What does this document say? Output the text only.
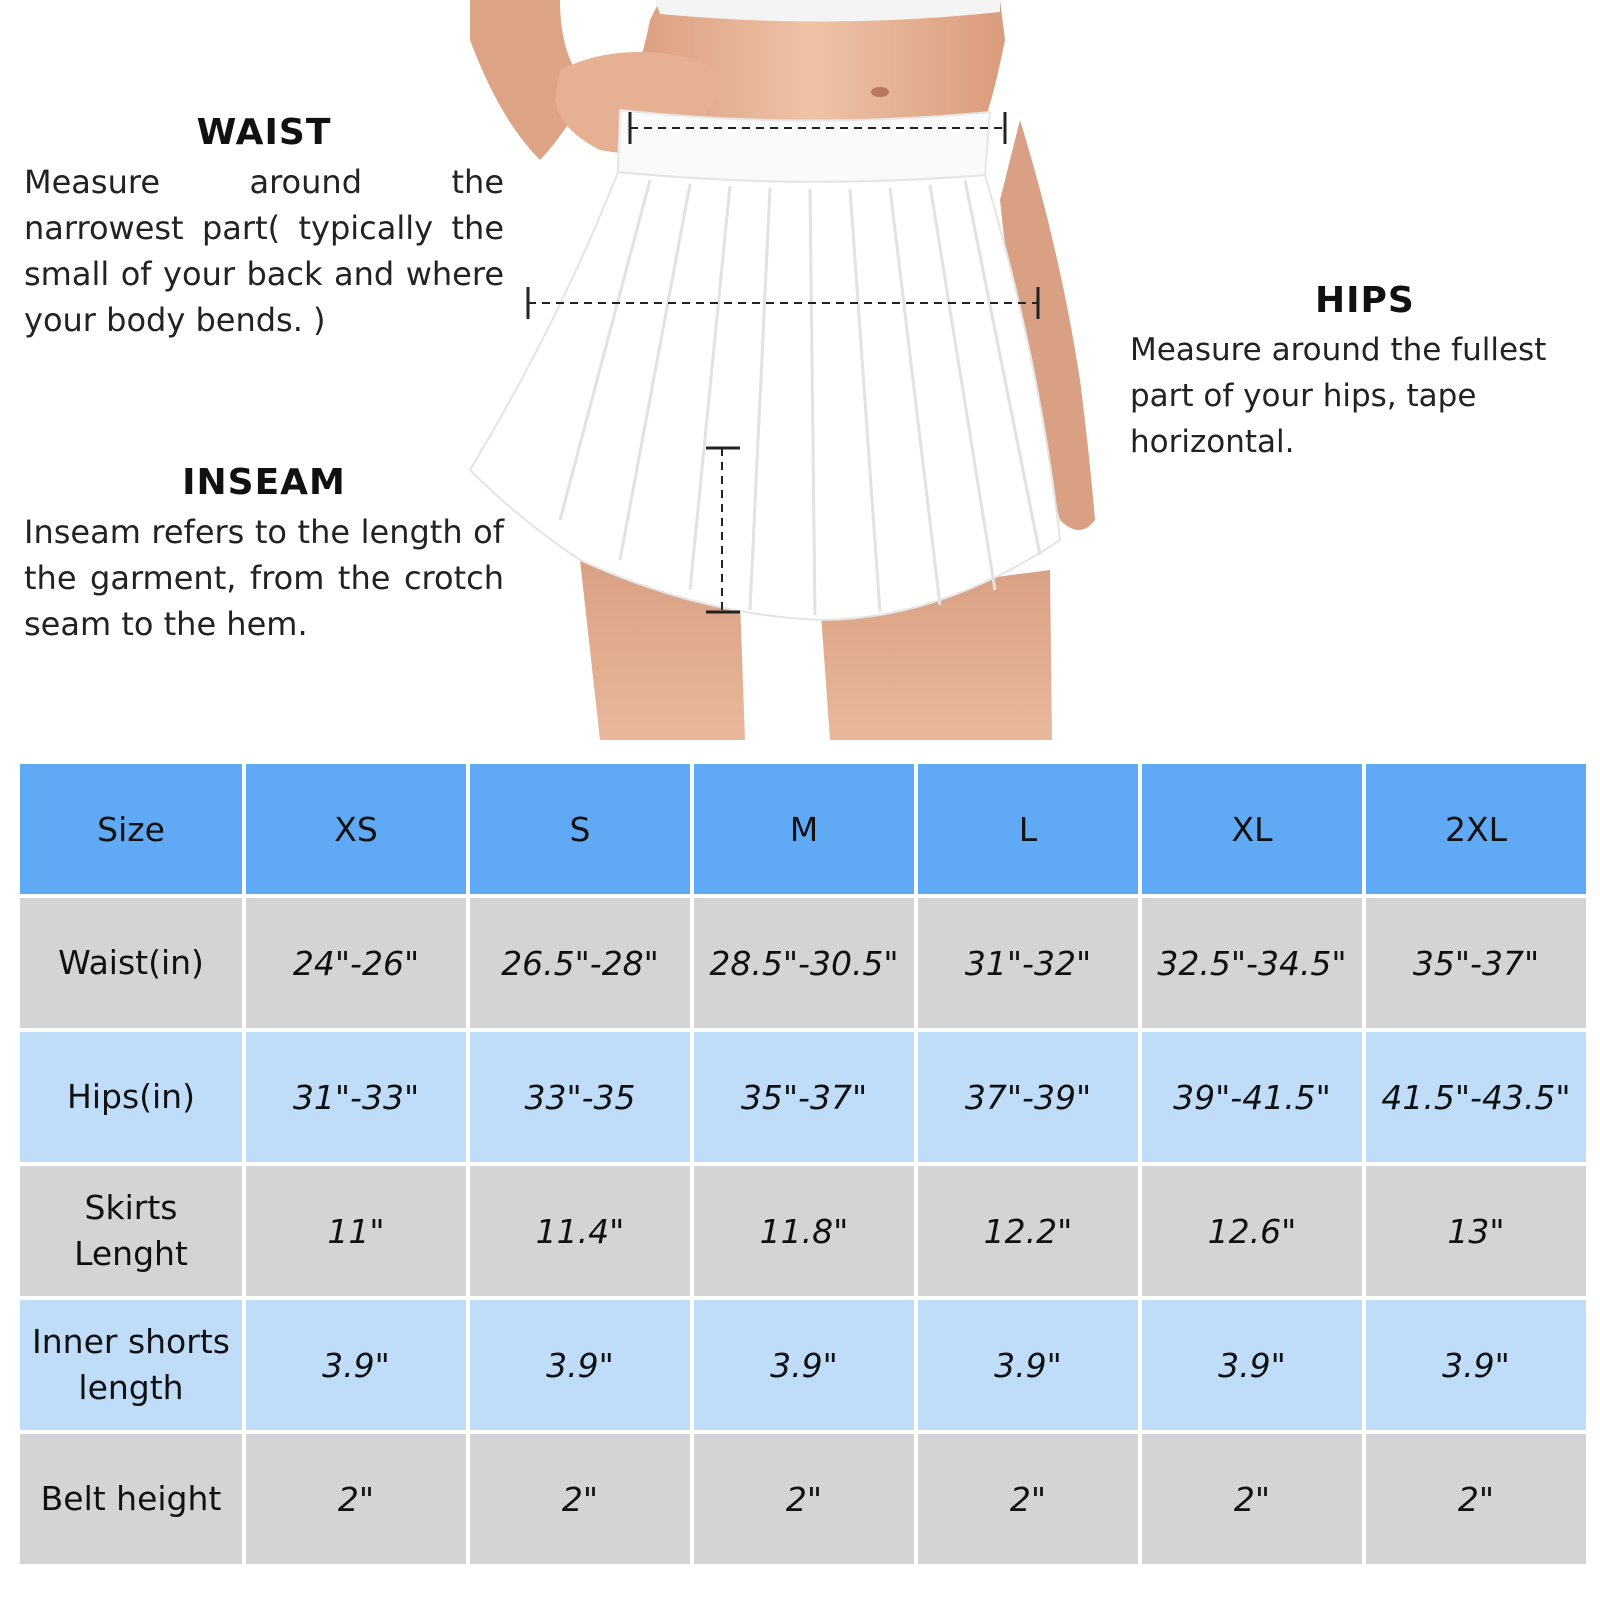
WAIST

Measure around the narrowest part( typically the small of your back and where your body bends. )	HIPS

Measure around the fullest part of your hips, tape horizontal.

INSEAM

Inseam refers to the length of the garment, from the crotch seam to the hem.

Size	XS	S	M	L	XL	2XL
Waist(in)	24"-26"	26.5"-28"	28.5"-30.5"	31"-32"	32.5"-34.5"	35"-37"
Hips(in)	31"-33"	33"-35	35"-37"	37"-39"	39"-41.5"	41.5"-43.5"
Skirts Lenght	11"	11.4"	11.8"	12.2"	12.6"	13"
Inner shorts length	3.9"	3.9"	3.9"	3.9"	3.9"	3.9"
Belt height	2"	2"	2"	2"	2"	2"
